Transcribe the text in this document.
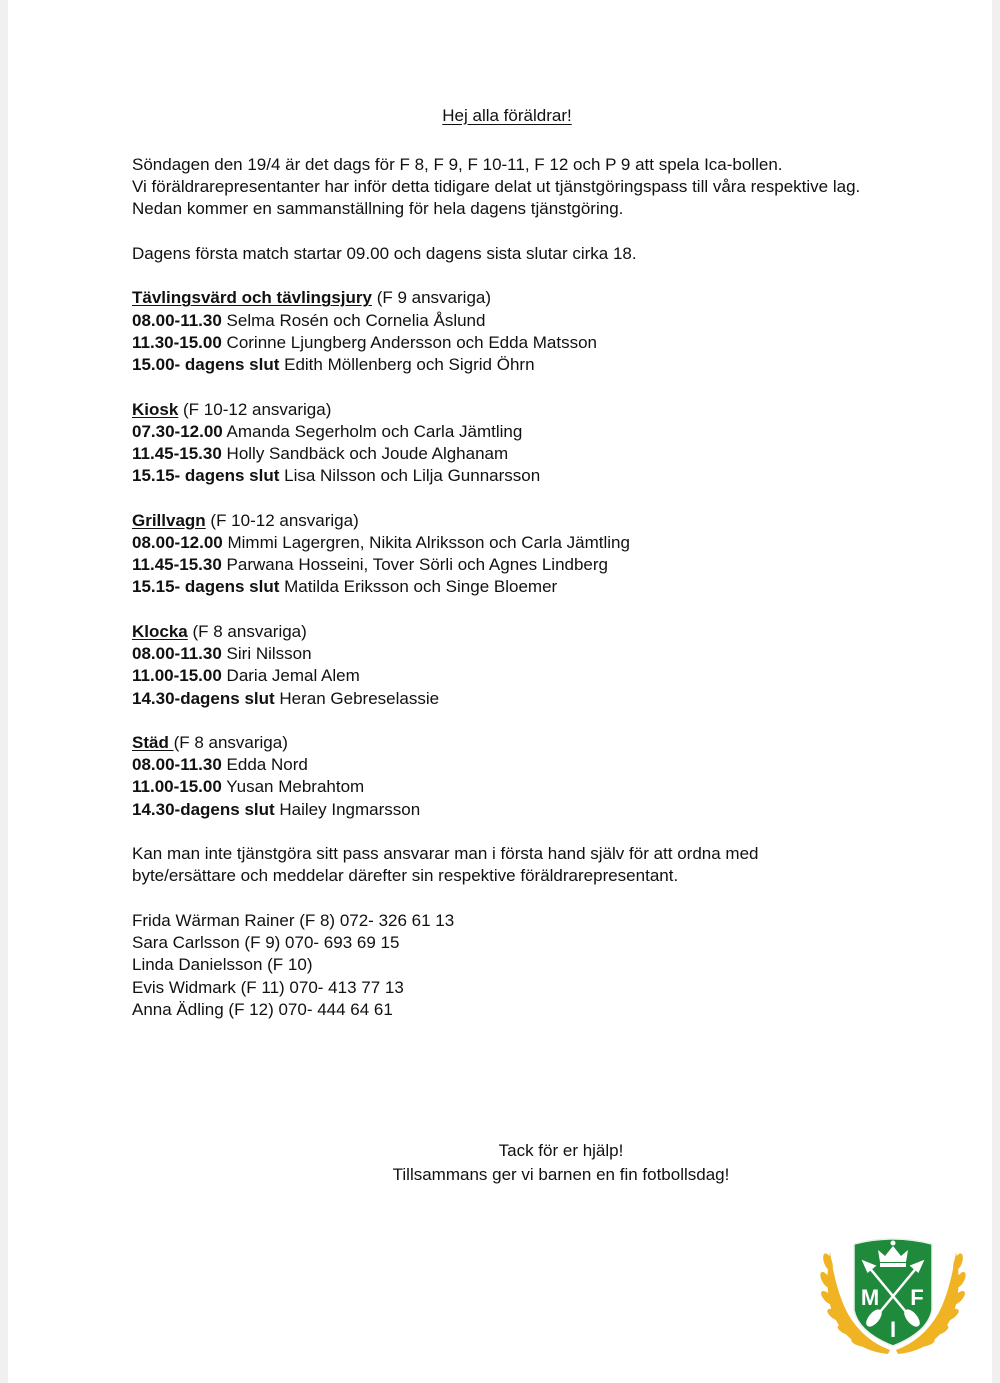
Hej alla föräldrar!
Söndagen den 19/4 är det dags för F 8, F 9, F 10-11, F 12 och P 9 att spela Ica-bollen.
Vi föräldrarepresentanter har inför detta tidigare delat ut tjänstgöringspass till våra respektive lag.
Nedan kommer en sammanställning för hela dagens tjänstgöring.
Dagens första match startar 09.00 och dagens sista slutar cirka 18.
Tävlingsvärd och tävlingsjury (F 9 ansvariga)
08.00-11.30 Selma Rosén och Cornelia Åslund
11.30-15.00 Corinne Ljungberg Andersson och Edda Matsson
15.00- dagens slut Edith Möllenberg och Sigrid Öhrn
Kiosk (F 10-12 ansvariga)
07.30-12.00 Amanda Segerholm och Carla Jämtling
11.45-15.30 Holly Sandbäck och Joude Alghanam
15.15- dagens slut Lisa Nilsson och Lilja Gunnarsson
Grillvagn (F 10-12 ansvariga)
08.00-12.00 Mimmi Lagergren, Nikita Alriksson och Carla Jämtling
11.45-15.30 Parwana Hosseini, Tover Sörli och Agnes Lindberg
15.15- dagens slut Matilda Eriksson och Singe Bloemer
Klocka (F 8 ansvariga)
08.00-11.30 Siri Nilsson
11.00-15.00 Daria Jemal Alem
14.30-dagens slut Heran Gebreselassie
Städ (F 8 ansvariga)
08.00-11.30 Edda Nord
11.00-15.00 Yusan Mebrahtom
14.30-dagens slut Hailey Ingmarsson
Kan man inte tjänstgöra sitt pass ansvarar man i första hand själv för att ordna med
byte/ersättare och meddelar därefter sin respektive föräldrarepresentant.
Frida Wärman Rainer (F 8) 072- 326 61 13
Sara Carlsson (F 9) 070- 693 69 15
Linda Danielsson (F 10)
Evis Widmark (F 11) 070- 413 77 13
Anna Ädling (F 12) 070- 444 64 61
Tack för er hjälp!
Tillsammans ger vi barnen en fin fotbollsdag!
M F
I
